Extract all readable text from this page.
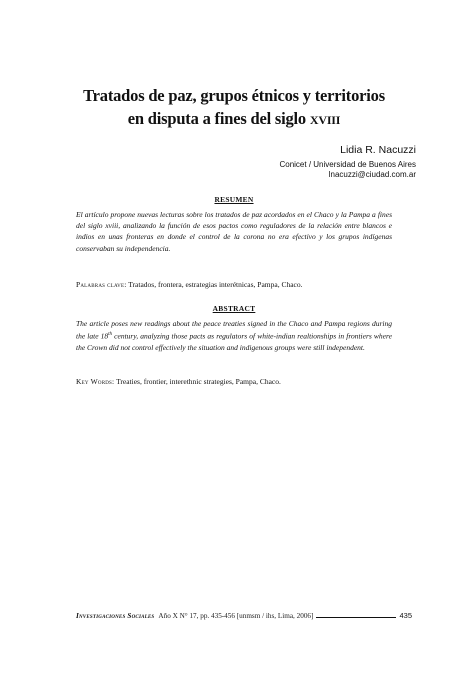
Tratados de paz, grupos étnicos y territorios
en disputa a fines del siglo xviii
Lidia R. Nacuzzi
Conicet / Universidad de Buenos Aires
lnacuzzi@ciudad.com.ar
RESUMEN
El artículo propone nuevas lecturas sobre los tratados de paz acordados en el Chaco y la Pampa a fines del siglo xviii, analizando la función de esos pactos como reguladores de la relación entre blancos e indios en unas fronteras en donde el control de la corona no era efectivo y los grupos indígenas conservaban su independencia.
Palabras clave: Tratados, frontera, estrategias interétnicas, Pampa, Chaco.
ABSTRACT
The article poses new readings about the peace treaties signed in the Chaco and Pampa regions during the late 18th century, analyzing those pacts as regulators of white-indian realtionships in frontiers where the Crown did not control effectively the situation and indigenous groups were still independent.
Key Words: Treaties, frontier, interethnic strategies, Pampa, Chaco.
Investigaciones Sociales Año X N° 17, pp. 435-456 [unmsm / ihs, Lima, 2006]	435
